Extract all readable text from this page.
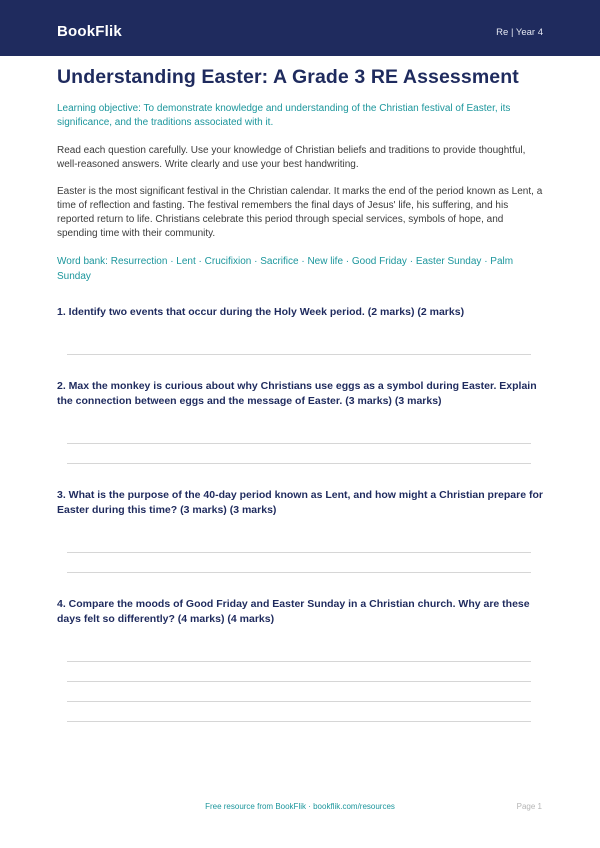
BookFlik	Re | Year 4
Understanding Easter: A Grade 3 RE Assessment
Learning objective: To demonstrate knowledge and understanding of the Christian festival of Easter, its significance, and the traditions associated with it.

Read each question carefully. Use your knowledge of Christian beliefs and traditions to provide thoughtful, well-reasoned answers. Write clearly and use your best handwriting.

Easter is the most significant festival in the Christian calendar. It marks the end of the period known as Lent, a time of reflection and fasting. The festival remembers the final days of Jesus' life, his suffering, and his reported return to life. Christians celebrate this period through special services, symbols of hope, and spending time with their community.

Word bank: Resurrection · Lent · Crucifixion · Sacrifice · New life · Good Friday · Easter Sunday · Palm Sunday
1. Identify two events that occur during the Holy Week period. (2 marks) (2 marks)
2. Max the monkey is curious about why Christians use eggs as a symbol during Easter. Explain the connection between eggs and the message of Easter. (3 marks) (3 marks)
3. What is the purpose of the 40-day period known as Lent, and how might a Christian prepare for Easter during this time? (3 marks) (3 marks)
4. Compare the moods of Good Friday and Easter Sunday in a Christian church. Why are these days felt so differently? (4 marks) (4 marks)
Free resource from BookFlik · bookflik.com/resources	Page 1
